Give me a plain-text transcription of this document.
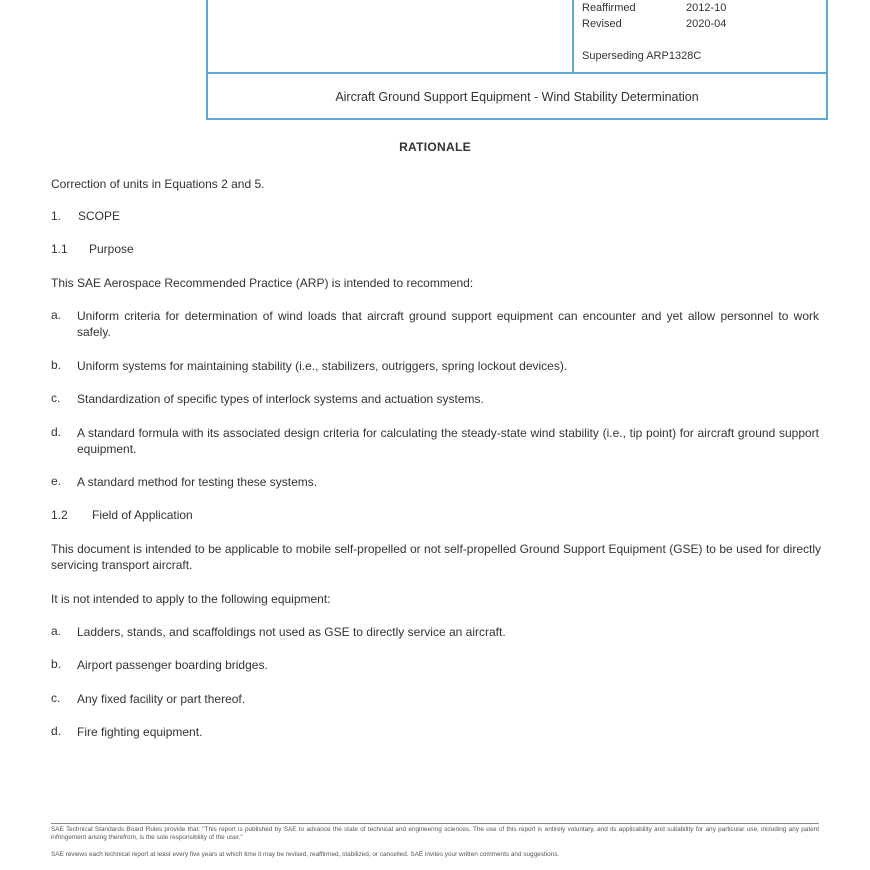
Reaffirmed	2012-10
Revised	2020-04
Superseding ARP1328C
Aircraft Ground Support Equipment - Wind Stability Determination
RATIONALE
Correction of units in Equations 2 and 5.
1. SCOPE
1.1 Purpose
This SAE Aerospace Recommended Practice (ARP) is intended to recommend:
a. Uniform criteria for determination of wind loads that aircraft ground support equipment can encounter and yet allow personnel to work safely.
b. Uniform systems for maintaining stability (i.e., stabilizers, outriggers, spring lockout devices).
c. Standardization of specific types of interlock systems and actuation systems.
d. A standard formula with its associated design criteria for calculating the steady-state wind stability (i.e., tip point) for aircraft ground support equipment.
e. A standard method for testing these systems.
1.2 Field of Application
This document is intended to be applicable to mobile self-propelled or not self-propelled Ground Support Equipment (GSE) to be used for directly servicing transport aircraft.
It is not intended to apply to the following equipment:
a. Ladders, stands, and scaffoldings not used as GSE to directly service an aircraft.
b. Airport passenger boarding bridges.
c. Any fixed facility or part thereof.
d. Fire fighting equipment.
SAE Technical Standards Board Rules provide that: "This report is published by SAE to advance the state of technical and engineering sciences. The use of this report is entirely voluntary, and its applicability and suitability for any particular use, including any patent infringement arising therefrom, is the sole responsibility of the user."
SAE reviews each technical report at least every five years at which time it may be revised, reaffirmed, stabilized, or cancelled. SAE invites your written comments and suggestions.
